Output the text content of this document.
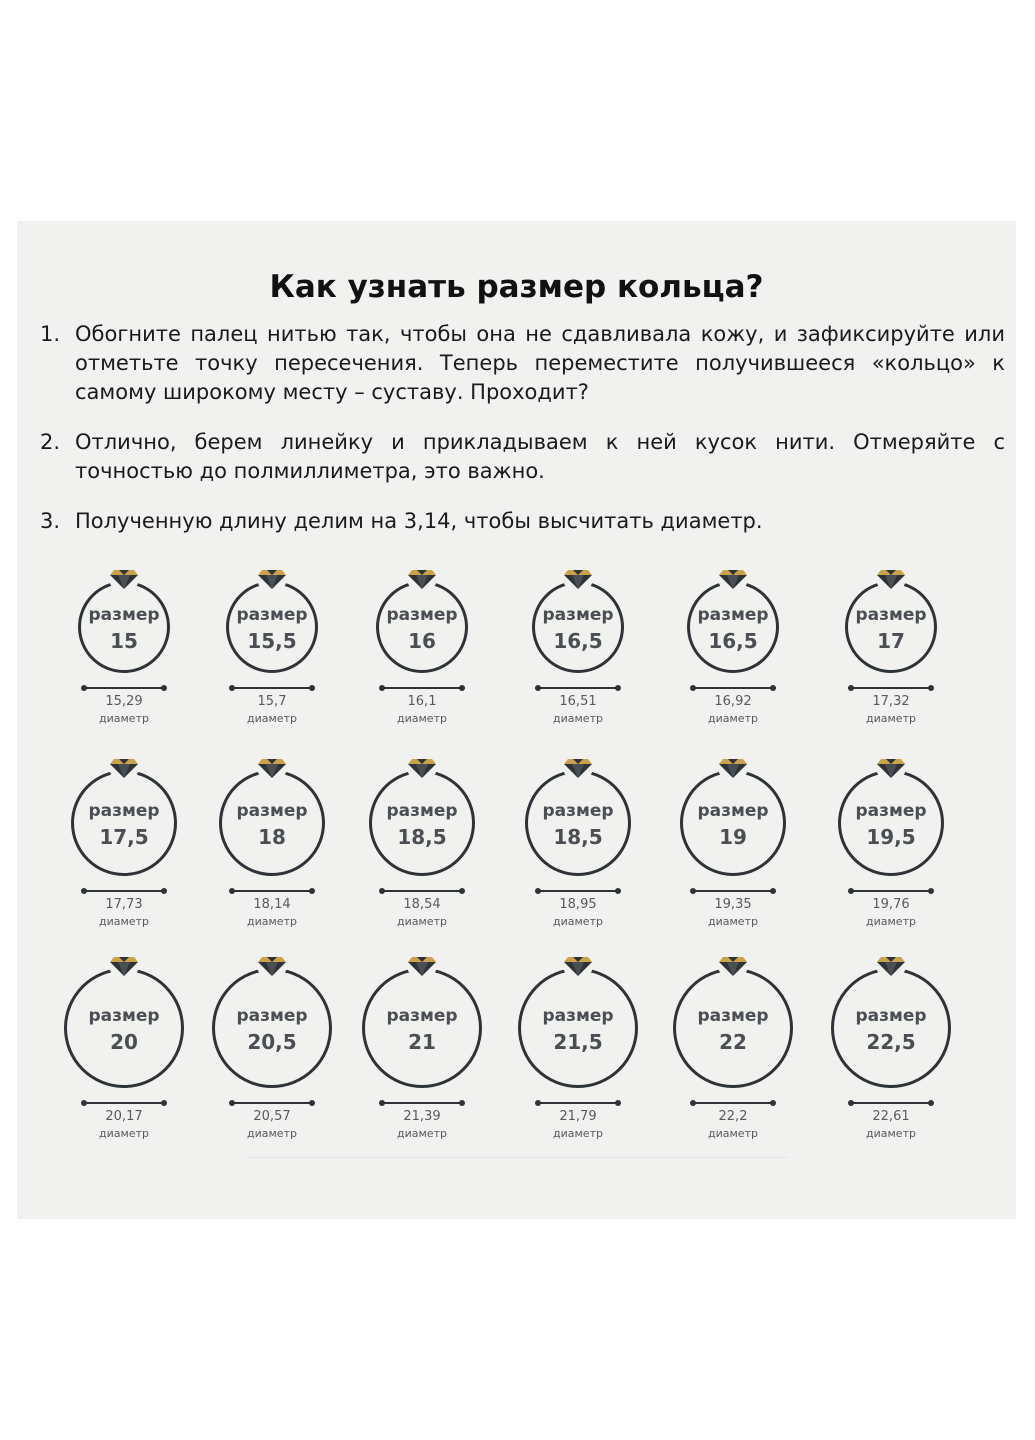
Как узнать размер кольца?
1. Обогните палец нитью так, чтобы она не сдавливала кожу, и зафиксируйте или отметьте точку пересечения. Теперь переместите получившееся «кольцо» к самому широкому месту – суставу. Проходит?
2. Отлично, берем линейку и прикладываем к ней кусок нити. Отмеряйте с точностью до полмиллиметра, это важно.
3. Полученную длину делим на 3,14, чтобы высчитать диаметр.
размер
15
15,29
диаметр
размер
15,5
15,7
диаметр
размер
16
16,1
диаметр
размер
16,5
16,51
диаметр
размер
16,5
16,92
диаметр
размер
17
17,32
диаметр
размер
17,5
17,73
диаметр
размер
18
18,14
диаметр
размер
18,5
18,54
диаметр
размер
18,5
18,95
диаметр
размер
19
19,35
диаметр
размер
19,5
19,76
диаметр
размер
20
20,17
диаметр
размер
20,5
20,57
диаметр
размер
21
21,39
диаметр
размер
21,5
21,79
диаметр
размер
22
22,2
диаметр
размер
22,5
22,61
диаметр
